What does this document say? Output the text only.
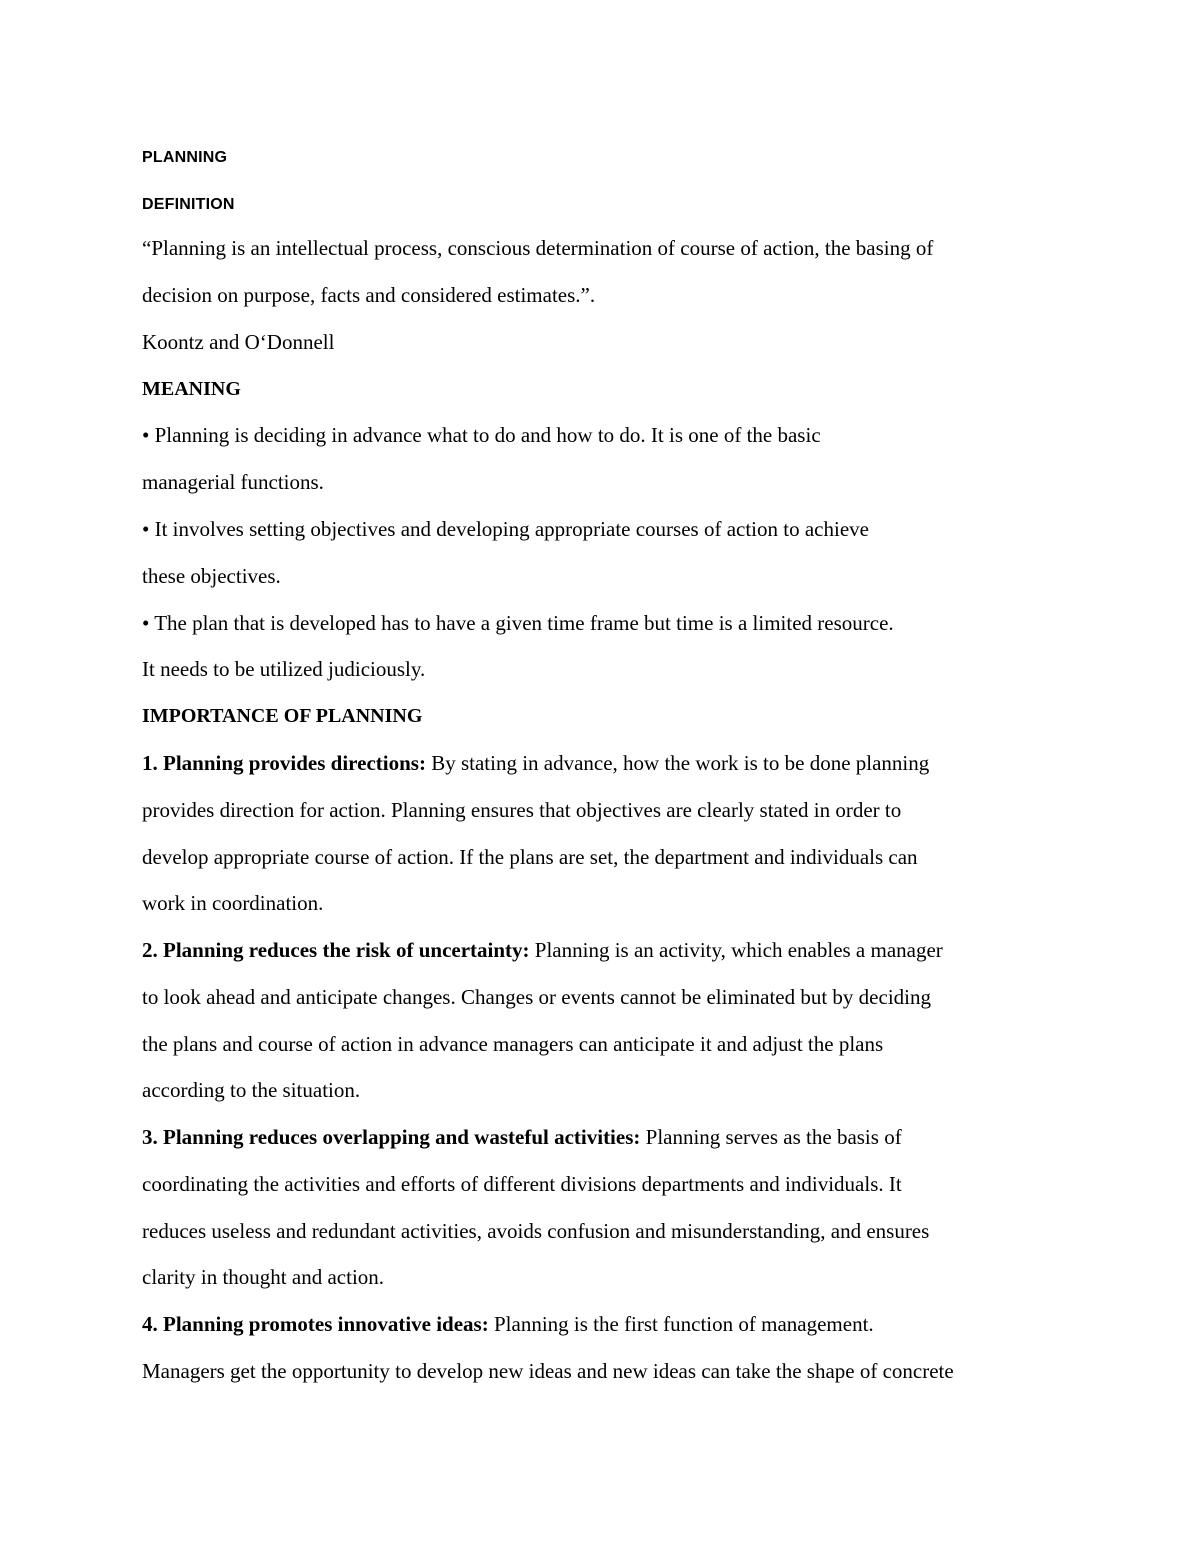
PLANNING
DEFINITION
“Planning is an intellectual process, conscious determination of course of action, the basing of
decision on purpose, facts and considered estimates.”.
Koontz and O‘Donnell
MEANING
• Planning is deciding in advance what to do and how to do. It is one of the basic
managerial functions.
• It involves setting objectives and developing appropriate courses of action to achieve
these objectives.
• The plan that is developed has to have a given time frame but time is a limited resource.
It needs to be utilized judiciously.
IMPORTANCE OF PLANNING
1. Planning provides directions: By stating in advance, how the work is to be done planning
provides direction for action. Planning ensures that objectives are clearly stated in order to
develop appropriate course of action. If the plans are set, the department and individuals can
work in coordination.
2. Planning reduces the risk of uncertainty: Planning is an activity, which enables a manager
to look ahead and anticipate changes. Changes or events cannot be eliminated but by deciding
the plans and course of action in advance managers can anticipate it and adjust the plans
according to the situation.
3. Planning reduces overlapping and wasteful activities: Planning serves as the basis of
coordinating the activities and efforts of different divisions departments and individuals. It
reduces useless and redundant activities, avoids confusion and misunderstanding, and ensures
clarity in thought and action.
4. Planning promotes innovative ideas: Planning is the first function of management.
Managers get the opportunity to develop new ideas and new ideas can take the shape of concrete
